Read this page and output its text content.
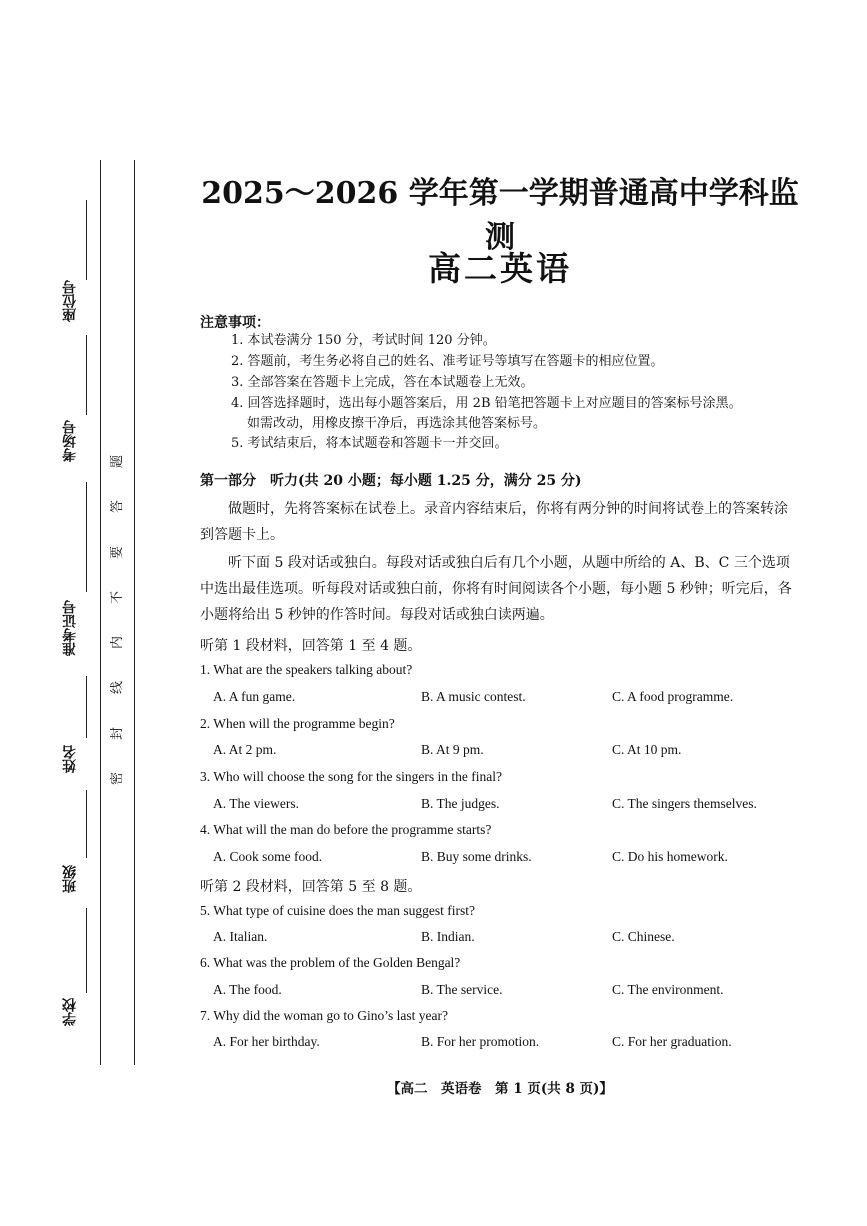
座位号
考场号
准考证号
姓名
班级
学校
密
封
线
内
不
要
答
题
2025～2026 学年第一学期普通高中学科监测
高二英语
注意事项：
1. 本试卷满分 150 分，考试时间 120 分钟。
2. 答题前，考生务必将自己的姓名、准考证号等填写在答题卡的相应位置。
3. 全部答案在答题卡上完成，答在本试题卷上无效。
4. 回答选择题时，选出每小题答案后，用 2B 铅笔把答题卡上对应题目的答案标号涂黑。
如需改动，用橡皮擦干净后，再选涂其他答案标号。
5. 考试结束后，将本试题卷和答题卡一并交回。
第一部分　听力(共 20 小题；每小题 1.25 分，满分 25 分)
做题时，先将答案标在试卷上。录音内容结束后，你将有两分钟的时间将试卷上的答案转涂到答题卡上。
听下面 5 段对话或独白。每段对话或独白后有几个小题，从题中所给的 A、B、C 三个选项中选出最佳选项。听每段对话或独白前，你将有时间阅读各个小题，每小题 5 秒钟；听完后，各小题将给出 5 秒钟的作答时间。每段对话或独白读两遍。
听第 1 段材料，回答第 1 至 4 题。
1. What are the speakers talking about?
A. A fun game.	B. A music contest.	C. A food programme.
2. When will the programme begin?
A. At 2 pm.	B. At 9 pm.	C. At 10 pm.
3. Who will choose the song for the singers in the final?
A. The viewers.	B. The judges.	C. The singers themselves.
4. What will the man do before the programme starts?
A. Cook some food.	B. Buy some drinks.	C. Do his homework.
听第 2 段材料，回答第 5 至 8 题。
5. What type of cuisine does the man suggest first?
A. Italian.	B. Indian.	C. Chinese.
6. What was the problem of the Golden Bengal?
A. The food.	B. The service.	C. The environment.
7. Why did the woman go to Gino’s last year?
A. For her birthday.	B. For her promotion.	C. For her graduation.
【高二　英语卷　第 1 页(共 8 页)】
